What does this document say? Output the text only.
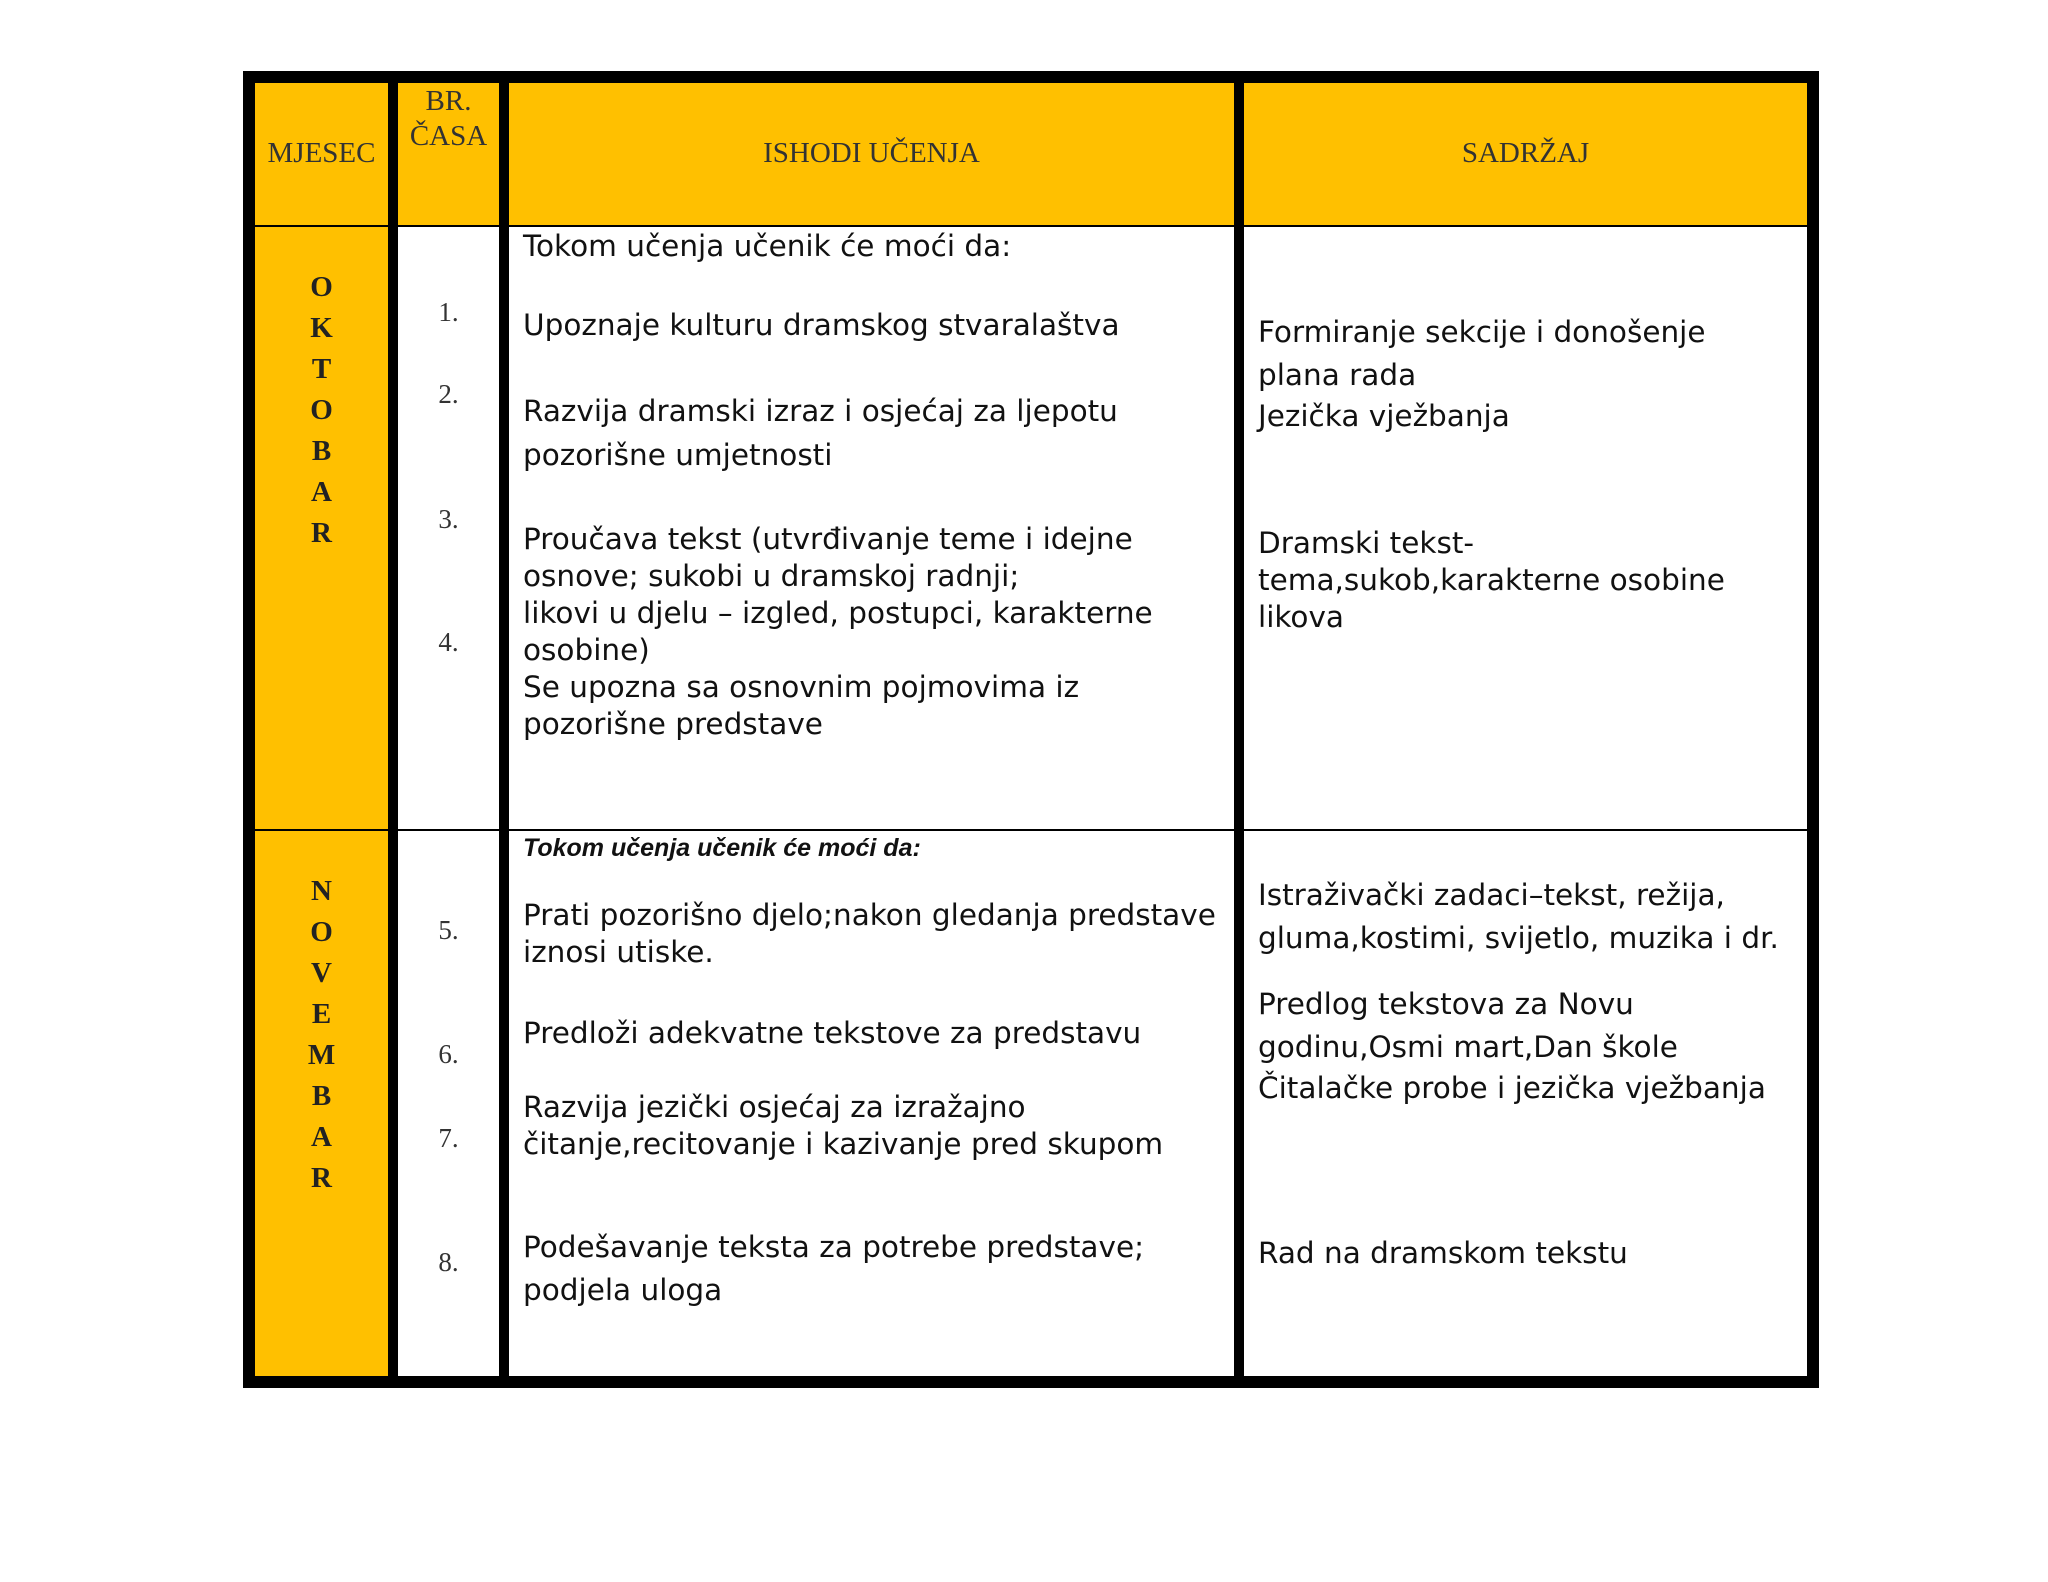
MJESEC
BR.
ČASA
ISHODI UČENJA	SADRŽAJ
O
K
T
O
B
A
R
1.
2.
3.
4.
Tokom učenja učenik će moći da:
Upoznaje kulturu dramskog stvaralaštva
Razvija dramski izraz i osjećaj za ljepotu pozorišne umjetnosti
Proučava tekst (utvrđivanje teme i idejne osnove; sukobi u dramskoj radnji;
likovi u djelu – izgled, postupci, karakterne osobine)
Se upozna sa osnovnim pojmovima iz pozorišne predstave
Formiranje sekcije i donošenje plana rada
Jezička vježbanja
Dramski tekst-tema,sukob,karakterne osobine likova
N
O
V
E
M
B
A
R
5.
6.
7.
8.
Tokom učenja učenik će moći da:
Prati pozorišno djelo;nakon gledanja predstave iznosi utiske.
Predloži adekvatne tekstove za predstavu
Razvija jezički osjećaj za izražajno čitanje,recitovanje i kazivanje pred skupom
Podešavanje teksta za potrebe predstave; podjela uloga
Istraživački zadaci–tekst, režija, gluma,kostimi, svijetlo, muzika i dr.
Predlog tekstova za Novu godinu,Osmi mart,Dan škole
Čitalačke probe i jezička vježbanja
Rad na dramskom tekstu
